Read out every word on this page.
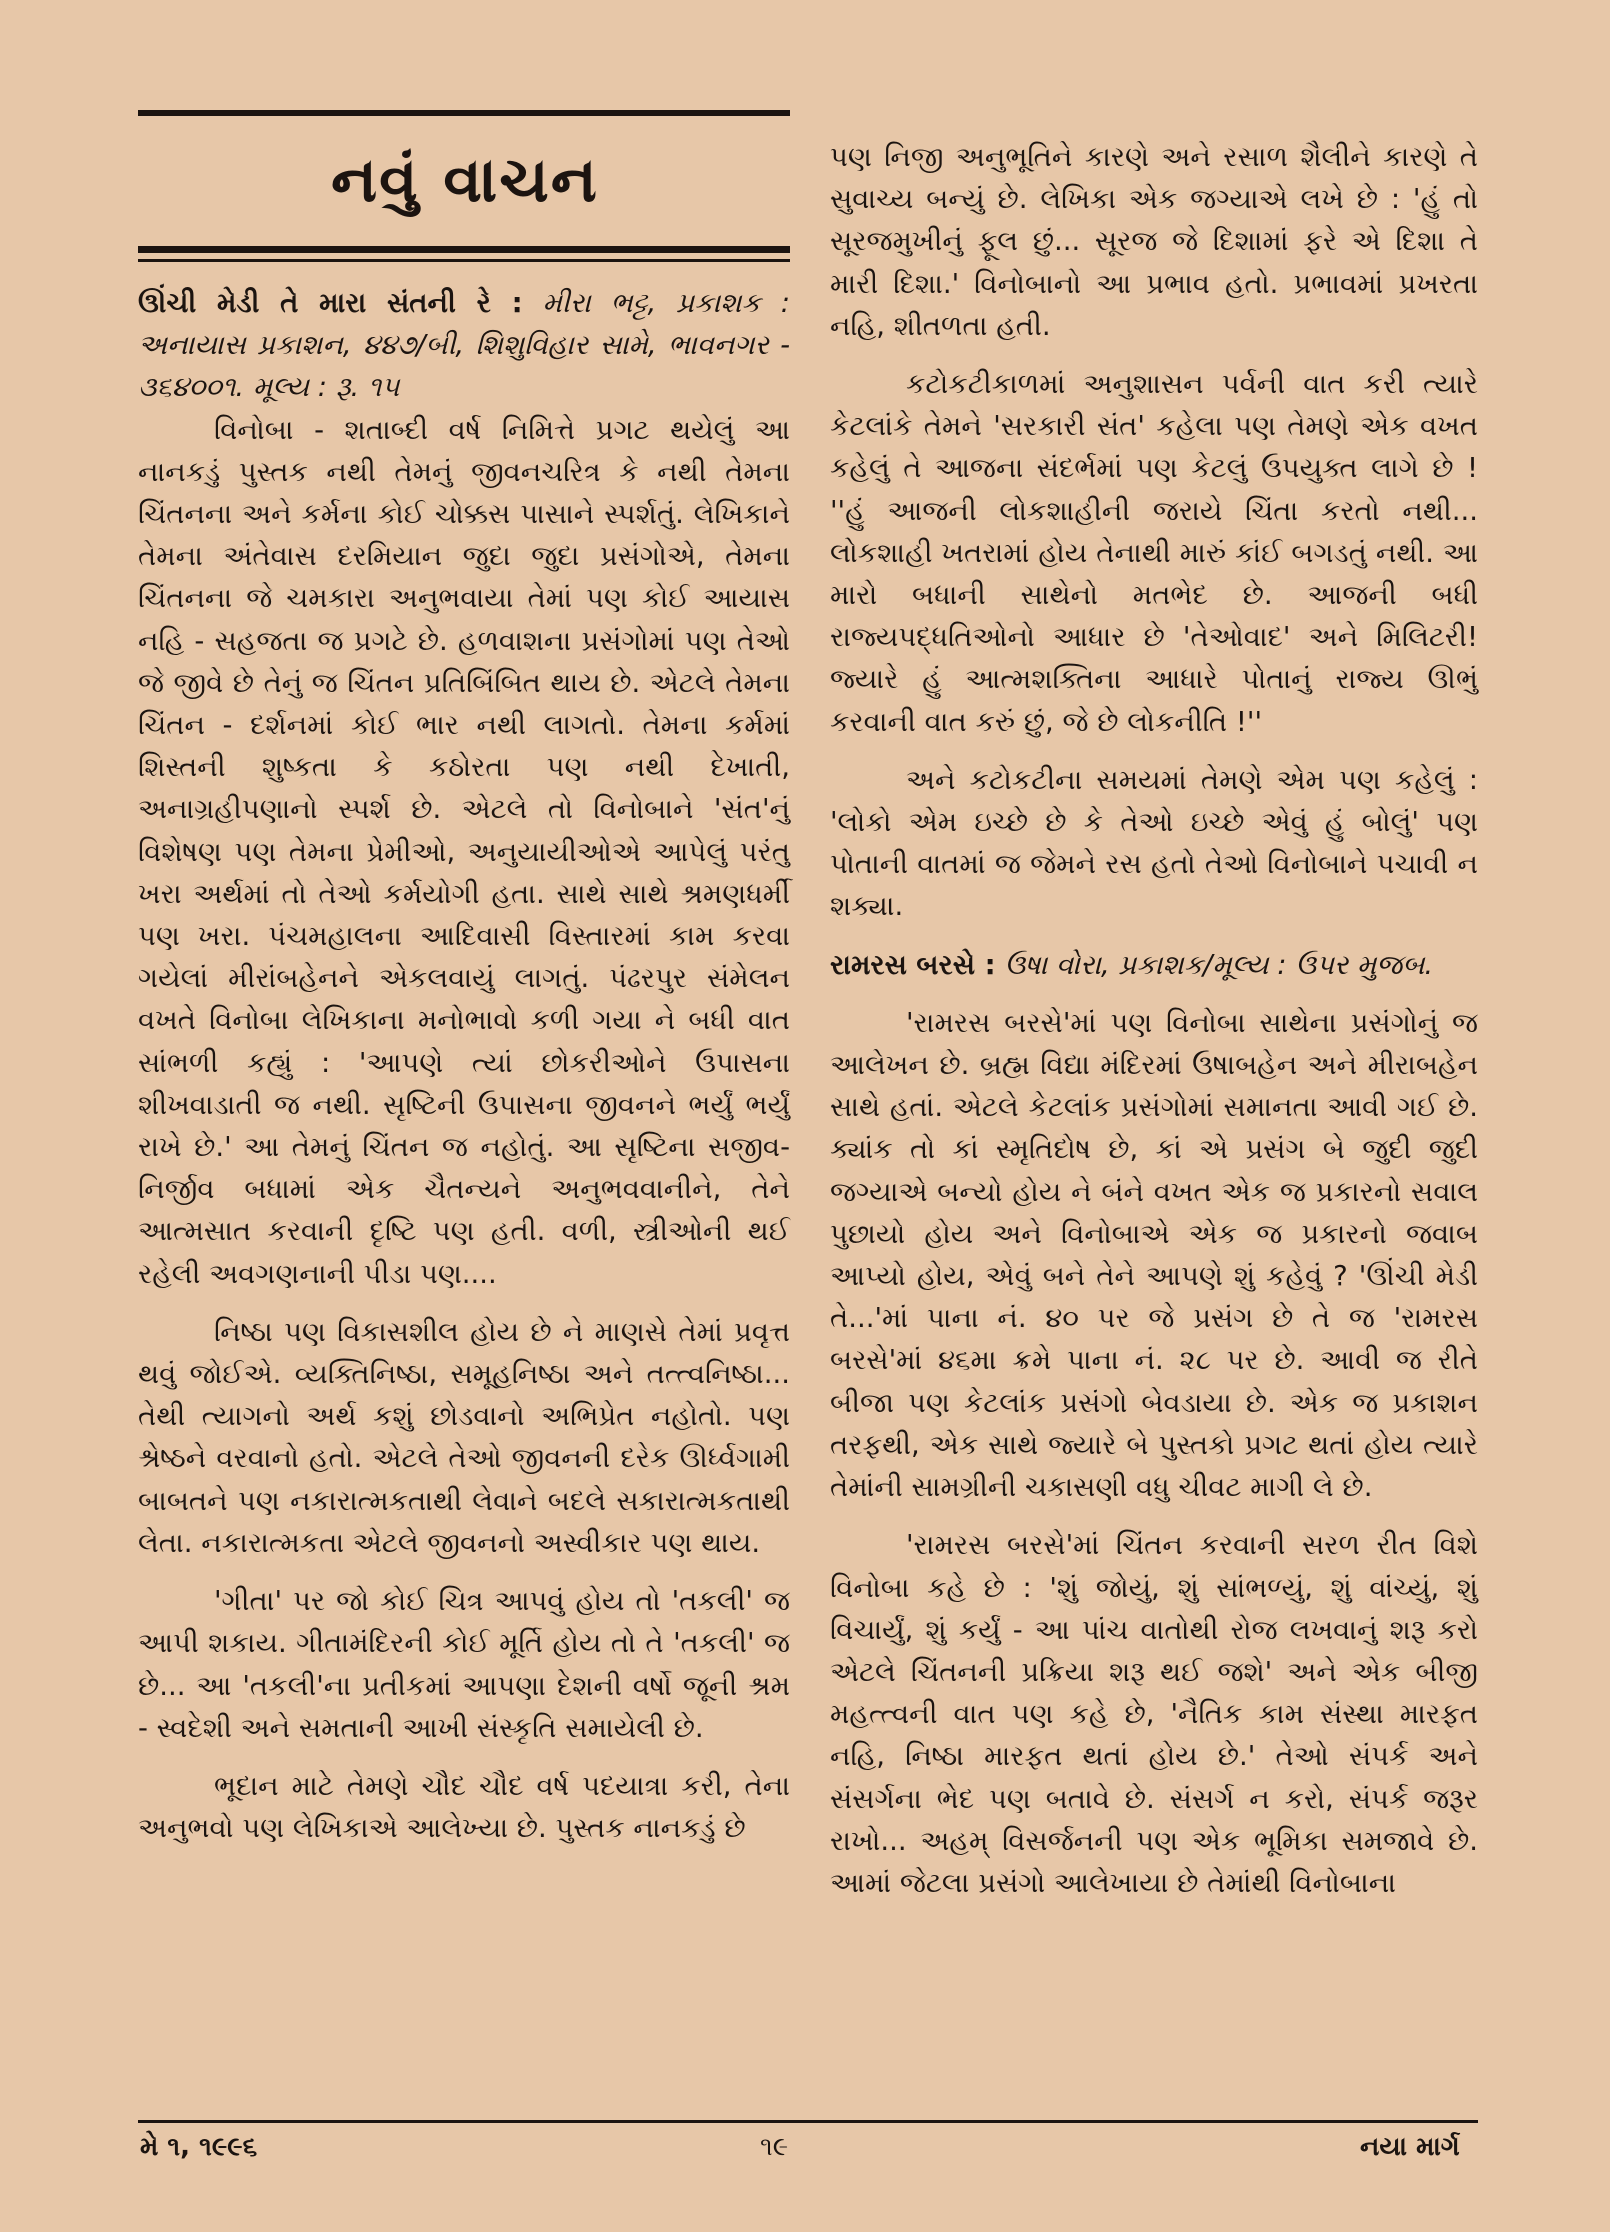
નવું વાચન

ઊંચી મેડી તે મારા સંતની રે : મીરા ભટ્ટ, પ્રકાશક : અનાયાસ પ્રકાશન, ૪૪૭/બી, શિશુવિહાર સામે, ભાવનગર - ૩૬૪૦૦૧. મૂલ્ય : રૂ. ૧૫

વિનોબા - શતાબ્દી વર્ષ નિમિત્તે પ્રગટ થયેલું આ નાનકડું પુસ્તક નથી તેમનું જીવનચરિત્ર કે નથી તેમના ચિંતનના અને કર્મના કોઈ ચોક્કસ પાસાને સ્પર્શતું. લેખિકાને તેમના અંતેવાસ દરમિયાન જુદા જુદા પ્રસંગોએ, તેમના ચિંતનના જે ચમકારા અનુભવાયા તેમાં પણ કોઈ આયાસ નહિ - સહજતા જ પ્રગટે છે. હળવાશના પ્રસંગોમાં પણ તેઓ જે જીવે છે તેનું જ ચિંતન પ્રતિબિંબિત થાય છે. એટલે તેમના ચિંતન - દર્શનમાં કોઈ ભાર નથી લાગતો. તેમના કર્મમાં શિસ્તની શુષ્કતા કે કઠોરતા પણ નથી દેખાતી, અનાગ્રહીપણાનો સ્પર્શ છે. એટલે તો વિનોબાને 'સંત'નું વિશેષણ પણ તેમના પ્રેમીઓ, અનુયાયીઓએ આપેલું પરંતુ ખરા અર્થમાં તો તેઓ કર્મયોગી હતા. સાથે સાથે શ્રમણધર્મી પણ ખરા. પંચમહાલના આદિવાસી વિસ્તારમાં કામ કરવા ગયેલાં મીરાંબહેનને એકલવાયું લાગતું. પંઢરપુર સંમેલન વખતે વિનોબા લેખિકાના મનોભાવો કળી ગયા ને બધી વાત સાંભળી કહ્યું : 'આપણે ત્યાં છોકરીઓને ઉપાસના શીખવાડાતી જ નથી. સૃષ્ટિની ઉપાસના જીવનને ભર્યું ભર્યું રાખે છે.' આ તેમનું ચિંતન જ નહોતું. આ સૃષ્ટિના સજીવ-નિર્જીવ બધામાં એક ચૈતન્યને અનુભવવાનીને, તેને આત્મસાત કરવાની દૃષ્ટિ પણ હતી. વળી, સ્ત્રીઓની થઈ રહેલી અવગણનાની પીડા પણ....

નિષ્ઠા પણ વિકાસશીલ હોય છે ને માણસે તેમાં પ્રવૃત્ત થવું જોઈએ. વ્યક્તિનિષ્ઠા, સમૂહનિષ્ઠા અને તત્ત્વનિષ્ઠા... તેથી ત્યાગનો અર્થ કશું છોડવાનો અભિપ્રેત નહોતો. પણ શ્રેષ્ઠને વરવાનો હતો. એટલે તેઓ જીવનની દરેક ઊર્ધ્વગામી બાબતને પણ નકારાત્મકતાથી લેવાને બદલે સકારાત્મકતાથી લેતા. નકારાત્મકતા એટલે જીવનનો અસ્વીકાર પણ થાય.

'ગીતા' પર જો કોઈ ચિત્ર આપવું હોય તો 'તકલી' જ આપી શકાય. ગીતામંદિરની કોઈ મૂર્તિ હોય તો તે 'તકલી' જ છે... આ 'તકલી'ના પ્રતીકમાં આપણા દેશની વર્ષો જૂની શ્રમ - સ્વદેશી અને સમતાની આખી સંસ્કૃતિ સમાયેલી છે.

ભૂદાન માટે તેમણે ચૌદ ચૌદ વર્ષ પદયાત્રા કરી, તેના અનુભવો પણ લેખિકાએ આલેખ્યા છે. પુસ્તક નાનકડું છે

પણ નિજી અનુભૂતિને કારણે અને રસાળ શૈલીને કારણે તે સુવાચ્ય બન્યું છે. લેખિકા એક જગ્યાએ લખે છે : 'હું તો સૂરજમુખીનું ફૂલ છું... સૂરજ જે દિશામાં ફરે એ દિશા તે મારી દિશા.' વિનોબાનો આ પ્રભાવ હતો. પ્રભાવમાં પ્રખરતા નહિ, શીતળતા હતી.

કટોકટીકાળમાં અનુશાસન પર્વની વાત કરી ત્યારે કેટલાંકે તેમને 'સરકારી સંત' કહેલા પણ તેમણે એક વખત કહેલું તે આજના સંદર્ભમાં પણ કેટલું ઉપયુક્ત લાગે છે ! ''હું આજની લોકશાહીની જરાયે ચિંતા કરતો નથી... લોકશાહી ખતરામાં હોય તેનાથી મારું કાંઈ બગડતું નથી. આ મારો બધાની સાથેનો મતભેદ છે. આજની બધી રાજ્યપદ્ધતિઓનો આધાર છે 'તેઓવાદ' અને મિલિટરી! જ્યારે હું આત્મશક્તિના આધારે પોતાનું રાજ્ય ઊભું કરવાની વાત કરું છું, જે છે લોકનીતિ !''

અને કટોકટીના સમયમાં તેમણે એમ પણ કહેલું : 'લોકો એમ ઇચ્છે છે કે તેઓ ઇચ્છે એવું હું બોલું' પણ પોતાની વાતમાં જ જેમને રસ હતો તેઓ વિનોબાને પચાવી ન શક્યા.

રામરસ બરસે : ઉષા વોરા, પ્રકાશક/મૂલ્ય : ઉપર મુજબ.

'રામરસ બરસે'માં પણ વિનોબા સાથેના પ્રસંગોનું જ આલેખન છે. બ્રહ્મ વિદ્યા મંદિરમાં ઉષાબહેન અને મીરાબહેન સાથે હતાં. એટલે કેટલાંક પ્રસંગોમાં સમાનતા આવી ગઈ છે. ક્યાંક તો કાં સ્મૃતિદોષ છે, કાં એ પ્રસંગ બે જુદી જુદી જગ્યાએ બન્યો હોય ને બંને વખત એક જ પ્રકારનો સવાલ પુછાયો હોય અને વિનોબાએ એક જ પ્રકારનો જવાબ આપ્યો હોય, એવું બને તેને આપણે શું કહેવું ? 'ઊંચી મેડી તે...'માં પાના નં. ૪૦ પર જે પ્રસંગ છે તે જ 'રામરસ બરસે'માં ૪૬મા ક્રમે પાના નં. ૨૮ પર છે. આવી જ રીતે બીજા પણ કેટલાંક પ્રસંગો બેવડાયા છે. એક જ પ્રકાશન તરફથી, એક સાથે જ્યારે બે પુસ્તકો પ્રગટ થતાં હોય ત્યારે તેમાંની સામગ્રીની ચકાસણી વધુ ચીવટ માગી લે છે.

'રામરસ બરસે'માં ચિંતન કરવાની સરળ રીત વિશે વિનોબા કહે છે : 'શું જોયું, શું સાંભળ્યું, શું વાંચ્યું, શું વિચાર્યું, શું કર્યું - આ પાંચ વાતોથી રોજ લખવાનું શરૂ કરો એટલે ચિંતનની પ્રક્રિયા શરૂ થઈ જશે' અને એક બીજી મહત્ત્વની વાત પણ કહે છે, 'નૈતિક કામ સંસ્થા મારફત નહિ, નિષ્ઠા મારફત થતાં હોય છે.' તેઓ સંપર્ક અને સંસર્ગના ભેદ પણ બતાવે છે. સંસર્ગ ન કરો, સંપર્ક જરૂર રાખો... અહમ્ વિસર્જનની પણ એક ભૂમિકા સમજાવે છે. આમાં જેટલા પ્રસંગો આલેખાયા છે તેમાંથી વિનોબાના

મે ૧, ૧૯૯૬	૧૯	નયા માર્ગ
